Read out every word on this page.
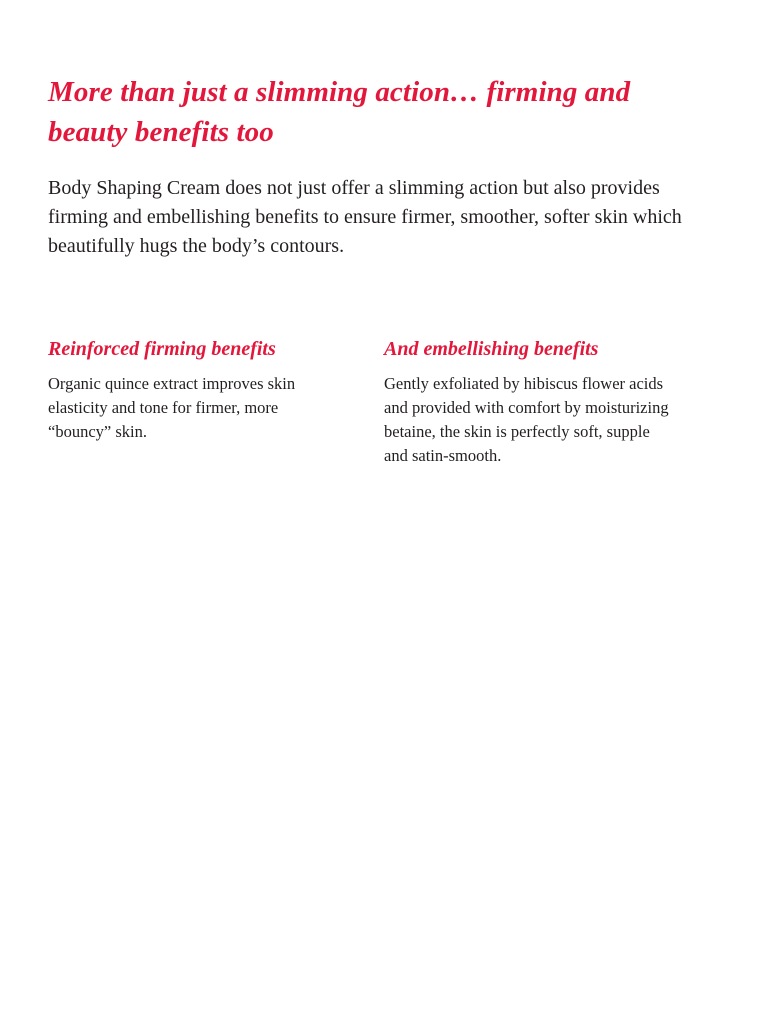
More than just a slimming action… firming and beauty benefits too

Body Shaping Cream does not just offer a slimming action but also provides firming and embellishing benefits to ensure firmer, smoother, softer skin which beautifully hugs the body’s contours.

Reinforced firming benefits

Organic quince extract improves skin elasticity and tone for firmer, more “bouncy” skin.

And embellishing benefits

Gently exfoliated by hibiscus flower acids and provided with comfort by moisturizing betaine, the skin is perfectly soft, supple and satin-smooth.
